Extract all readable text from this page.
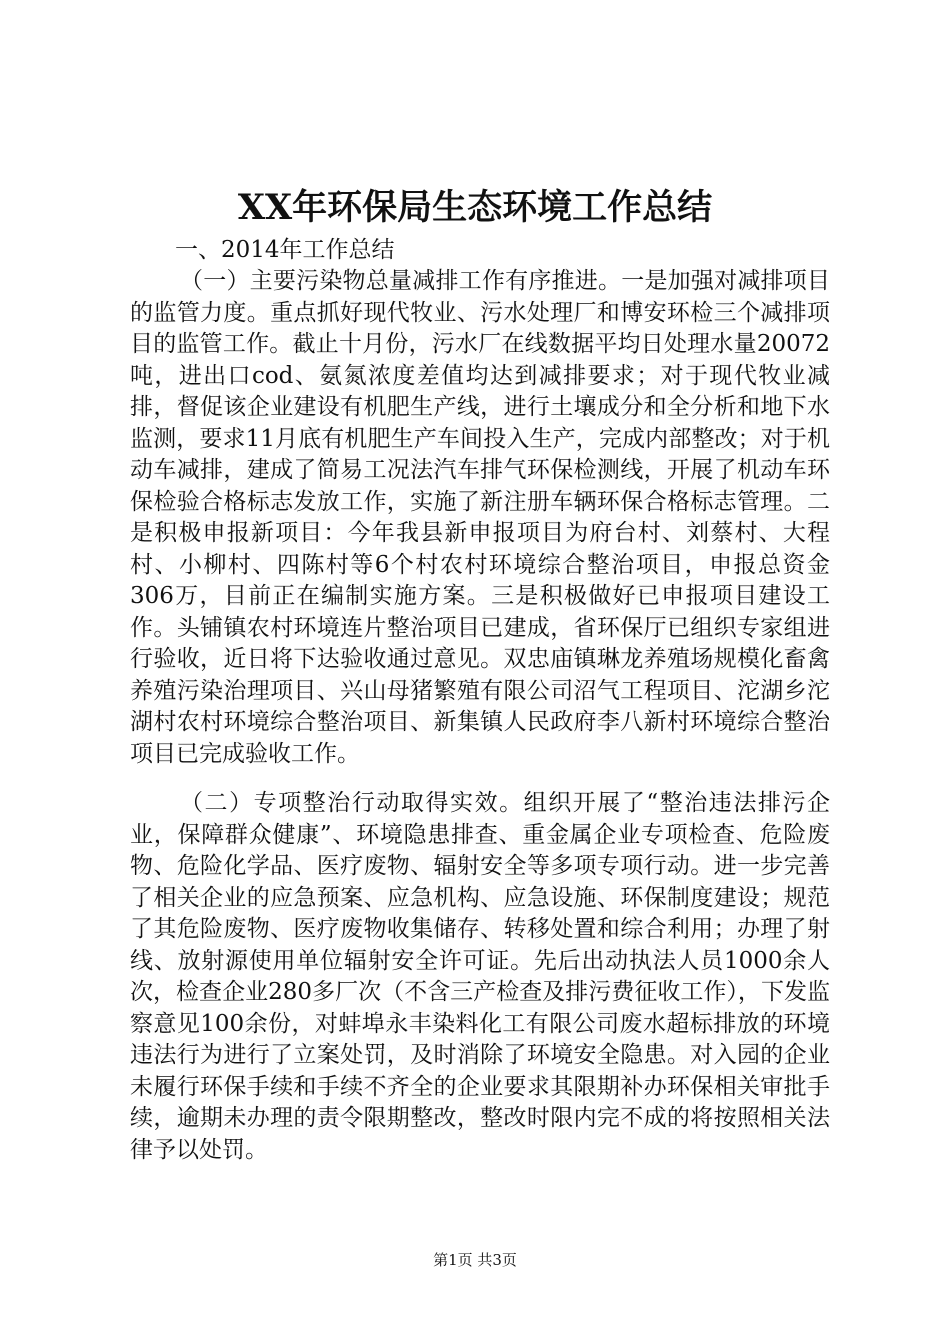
XX年环保局生态环境工作总结

一、2014年工作总结

（一）主要污染物总量减排工作有序推进。一是加强对减排项目的监管力度。重点抓好现代牧业、污水处理厂和博安环检三个减排项目的监管工作。截止十月份，污水厂在线数据平均日处理水量20072吨，进出口cod、氨氮浓度差值均达到减排要求；对于现代牧业减排，督促该企业建设有机肥生产线，进行土壤成分和全分析和地下水监测，要求11月底有机肥生产车间投入生产，完成内部整改；对于机动车减排，建成了简易工况法汽车排气环保检测线，开展了机动车环保检验合格标志发放工作，实施了新注册车辆环保合格标志管理。二是积极申报新项目：今年我县新申报项目为府台村、刘蔡村、大程村、小柳村、四陈村等6个村农村环境综合整治项目，申报总资金306万，目前正在编制实施方案。三是积极做好已申报项目建设工作。头铺镇农村环境连片整治项目已建成，省环保厅已组织专家组进行验收，近日将下达验收通过意见。双忠庙镇琳龙养殖场规模化畜禽养殖污染治理项目、兴山母猪繁殖有限公司沼气工程项目、沱湖乡沱湖村农村环境综合整治项目、新集镇人民政府李八新村环境综合整治项目已完成验收工作。

（二）专项整治行动取得实效。组织开展了“整治违法排污企业，保障群众健康”、环境隐患排查、重金属企业专项检查、危险废物、危险化学品、医疗废物、辐射安全等多项专项行动。进一步完善了相关企业的应急预案、应急机构、应急设施、环保制度建设；规范了其危险废物、医疗废物收集储存、转移处置和综合利用；办理了射线、放射源使用单位辐射安全许可证。先后出动执法人员1000余人次，检查企业280多厂次（不含三产检查及排污费征收工作），下发监察意见100余份，对蚌埠永丰染料化工有限公司废水超标排放的环境违法行为进行了立案处罚，及时消除了环境安全隐患。对入园的企业未履行环保手续和手续不齐全的企业要求其限期补办环保相关审批手续，逾期未办理的责令限期整改，整改时限内完不成的将按照相关法律予以处罚。

第1页 共3页
